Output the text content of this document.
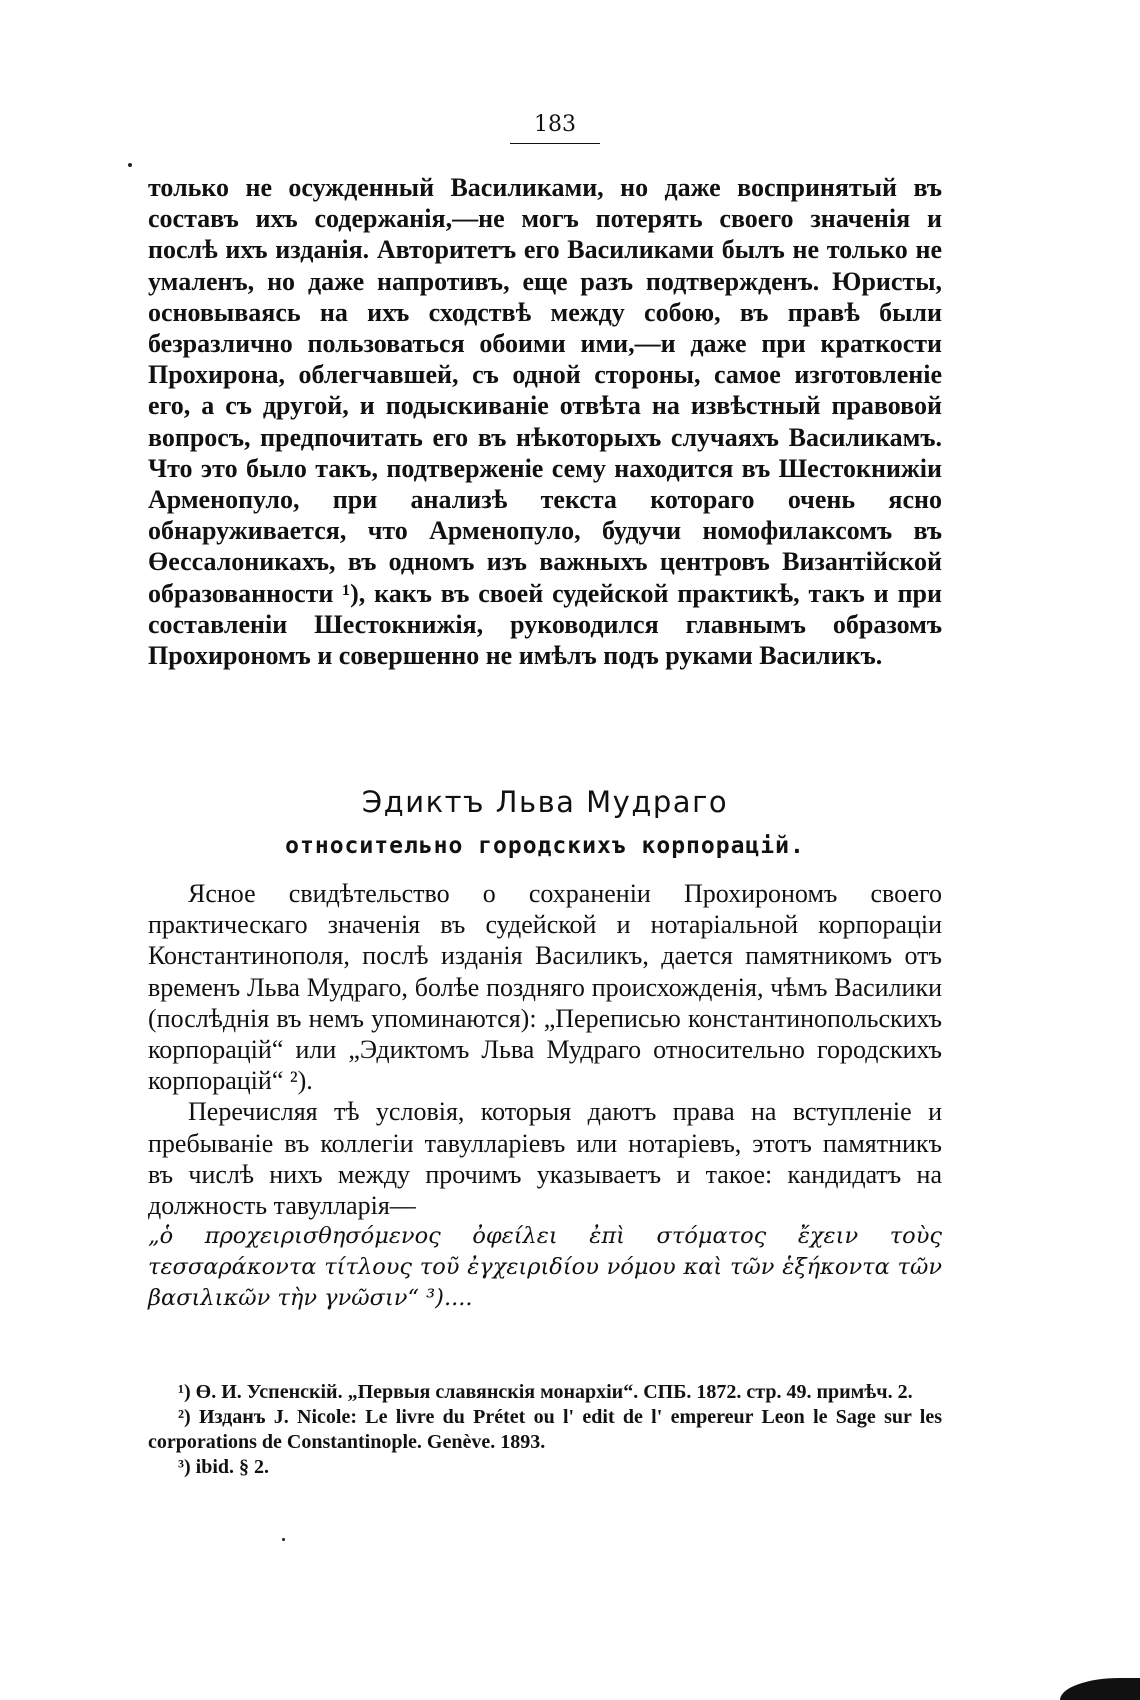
183

только не осужденный Василиками, но даже воспринятый въ составъ ихъ содержанія,—не могъ потерять своего значенія и послѣ ихъ изданія. Авторитетъ его Василиками былъ не только не умаленъ, но даже напротивъ, еще разъ подтвержденъ. Юристы, основываясь на ихъ сходствѣ между собою, въ правѣ были безразлично пользоваться обоими ими,—и даже при краткости Прохирона, облегчавшей, съ одной стороны, самое изготовленіе его, а съ другой, и подыскиваніе отвѣта на извѣстный правовой вопросъ, предпочитать его въ нѣкоторыхъ случаяхъ Василикамъ. Что это было такъ, подтверженіе сему находится въ Шестокнижіи Арменопуло, при анализѣ текста котораго очень ясно обнаруживается, что Арменопуло, будучи номофилаксомъ въ Өессалоникахъ, въ одномъ изъ важныхъ центровъ Византійской образованности ¹), какъ въ своей судейской практикѣ, такъ и при составленіи Шестокнижія, руководился главнымъ образомъ Прохирономъ и совершенно не имѣлъ подъ руками Василикъ.

Эдиктъ Льва Мудраго
относительно городскихъ корпорацій.

Ясное свидѣтельство о сохраненіи Прохирономъ своего практическаго значенія въ судейской и нотаріальной корпораціи Константинополя, послѣ изданія Василикъ, дается памятникомъ отъ временъ Льва Мудраго, болѣе поздняго происхожденія, чѣмъ Василики (послѣднія въ немъ упоминаются): „Переписью константинопольскихъ корпорацій“ или „Эдиктомъ Льва Мудраго относительно городскихъ корпорацій“ ²).

Перечисляя тѣ условія, которыя даютъ права на вступленіе и пребываніе въ коллегіи тавулларіевъ или нотаріевъ, этотъ памятникъ въ числѣ нихъ между прочимъ указываетъ и такое: кандидатъ на должность тавулларія—

„ὁ προχειρισθησόμενος ὀφείλει ἐπὶ στόματος ἔχειν τοὺς τεσσαράκοντα τίτλους τοῦ ἐγχειριδίου νόμου καὶ τῶν ἑξήκοντα τῶν βασιλικῶν τὴν γνῶσιν“ ³)....

¹) Ө. И. Успенскій. „Первыя славянскія монархіи“. СПБ. 1872. стр. 49. примѣч. 2.

²) Изданъ J. Nicole: Le livre du Prétet ou l' edit de l' empereur Leon le Sage sur les corporations de Constantinople. Genève. 1893.

³) ibid. § 2.
